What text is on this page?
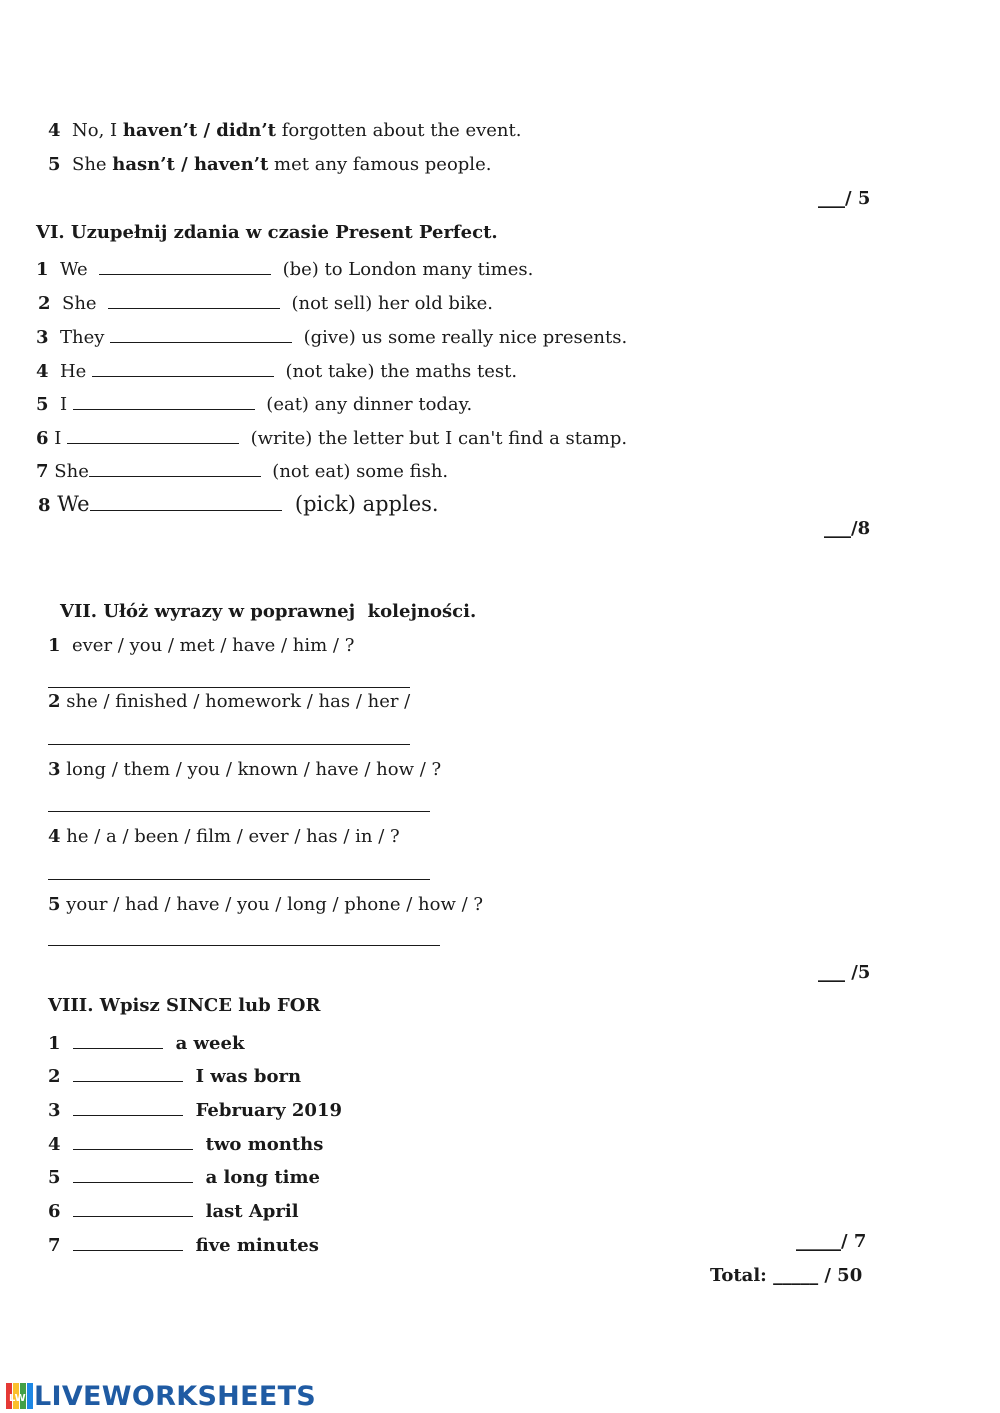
4 No, I haven’t / didn’t forgotten about the event.
5 She hasn’t / haven’t met any famous people.
___/ 5
VI. Uzupełnij zdania w czasie Present Perfect.
1 We	(be) to London many times.
2 She	(not sell) her old bike.
3 They	(give) us some really nice presents.
4 He	(not take) the maths test.
5 I	(eat) any dinner today.
6 I	(write) the letter but I can't find a stamp.
7 She	(not eat) some fish.
8 We	(pick) apples.
___/8
VII. Ułóż wyrazy w poprawnej  kolejności.
1 ever / you / met / have / him / ?
2 she / finished / homework / has / her /
3 long / them / you / known / have / how / ?
4 he / a / been / film / ever / has / in / ?
5 your / had / have / you / long / phone / how / ?
___ /5
VIII. Wpisz SINCE lub FOR
1	a week
2	I was born
3	February 2019
4	two months
5	a long time
6	last April
7	five minutes	_____/ 7
Total: _____ / 50
LW LIVEWORKSHEETS
